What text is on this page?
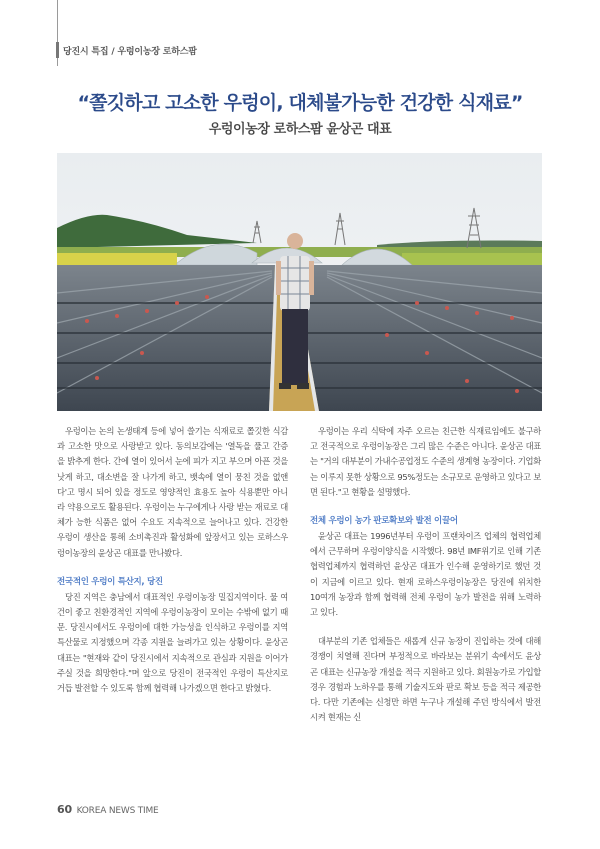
당진시 특집 / 우렁이농장 로하스팜
“쫄깃하고 고소한 우렁이, 대체불가능한 건강한 식재료”
우렁이농장 로하스팜 윤상곤 대표

우렁이는 논의 논생태계 등에 넣어 쓸기는 식재료로 쫄깃한 식감과 고소한 맛으로 사랑받고 있다. 동의보감에는 '열독을 풀고 간증을 밝추게 한다. 간에 열이 있어서 눈에 피가 지고 부으며 아픈 것을 낫게 하고, 대소변을 잘 나가게 하고, 뱃속에 열이 뭉친 것을 없앤다'고 명시 되어 있을 정도로 영양적인 효용도 높아 식용뿐만 아니라 약용으로도 활용된다. 우렁이는 누구에게나 사랑 받는 재료로 대체가 능한 식품은 없어 수요도 지속적으로 늘어나고 있다. 건강한 우렁이 생산을 통해 소비촉진과 활성화에 앞장서고 있는 로하스우렁이농장의 윤상곤 대표를 만나봤다.

전국적인 우렁이 특산지, 당진

당진 지역은 충남에서 대표적인 우렁이농장 밀집지역이다. 물 여건이 좋고 친환경적인 지역에 우렁이농장이 모이는 수밖에 없기 때문. 당진시에서도 우렁이에 대한 가능성을 인식하고 우렁이를 지역특산물로 지정했으며 각종 지원을 늘려가고 있는 상황이다. 윤상곤 대표는 "현재와 같이 당진시에서 지속적으로 관심과 지원을 이어가 주실 것을 희망한다."며 앞으로 당진이 전국적인 우렁이 특산지로 거듭 발전할 수 있도록 함께 협력해 나가겠으면 한다고 밝혔다.

우렁이는 우리 식탁에 자주 오르는 친근한 식재료임에도 불구하고 전국적으로 우렁이농장은 그리 많은 수준은 아니다. 윤상곤 대표는 "거의 대부분이 가내수공업정도 수준의 생계형 농장이다. 기업화는 이루지 못한 상황으로 95%정도는 소규모로 운영하고 있다고 보면 된다."고 현황을 설명했다.

전체 우렁이 농가 판로확보와 발전 이끌어

윤상곤 대표는 1996년부터 우렁이 프랜차이즈 업체의 협력업체에서 근무하며 우렁이양식을 시작했다. 98년 IMF위기로 인해 기존 협력업체까지 협력하던 윤상곤 대표가 인수해 운영하기로 했던 것이 지금에 이르고 있다. 현재 로하스우렁이농장은 당진에 위치한 10여개 농장과 함께 협력해 전체 우렁이 농가 발전을 위해 노력하고 있다.

대부분의 기존 업체들은 새롭게 신규 농장이 진입하는 것에 대해 경쟁이 치열해 진다며 부정적으로 바라보는 분위기 속에서도 윤상곤 대표는 신규농장 개설을 적극 지원하고 있다. 회원농가로 가입할 경우 경험과 노하우를 통해 기술지도와 판로 확보 등을 적극 제공한다. 다만 기존에는 신청만 하면 누구나 개설해 주던 방식에서 발전시켜 현재는 신

60 KOREA NEWS TIME
